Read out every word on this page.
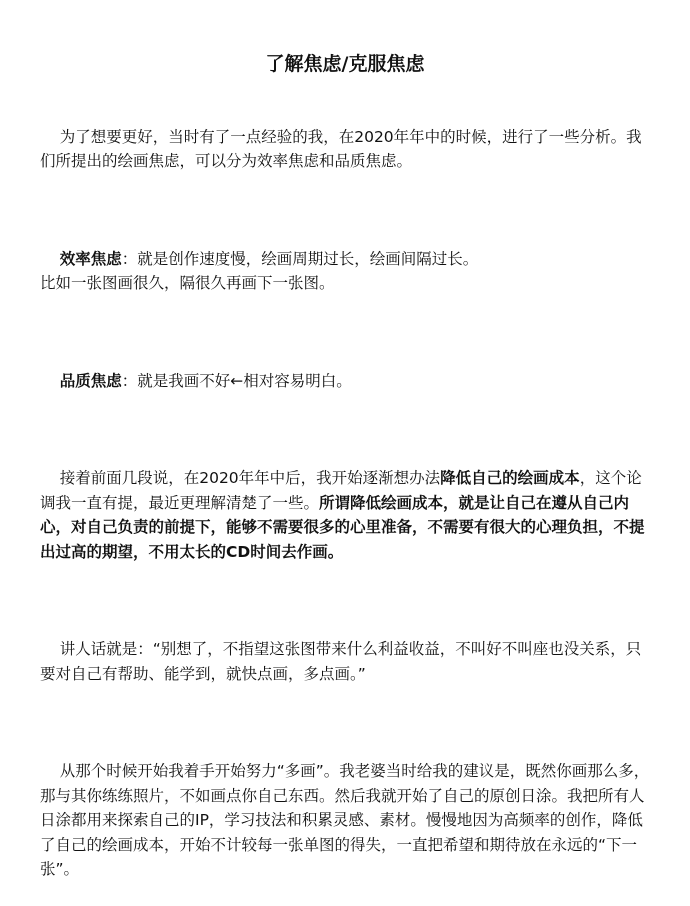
了解焦虑/克服焦虑

为了想要更好，当时有了一点经验的我，在2020年年中的时候，进行了一些分析。我们所提出的绘画焦虑，可以分为效率焦虑和品质焦虑。

效率焦虑：就是创作速度慢，绘画周期过长，绘画间隔过长。
比如一张图画很久，隔很久再画下一张图。

品质焦虑：就是我画不好←相对容易明白。

接着前面几段说，在2020年年中后，我开始逐渐想办法降低自己的绘画成本，这个论调我一直有提，最近更理解清楚了一些。所谓降低绘画成本，就是让自己在遵从自己内心，对自己负责的前提下，能够不需要很多的心里准备，不需要有很大的心理负担，不提出过高的期望，不用太长的CD时间去作画。

讲人话就是：“别想了，不指望这张图带来什么利益收益，不叫好不叫座也没关系，只要对自己有帮助、能学到，就快点画，多点画。”

从那个时候开始我着手开始努力“多画”。我老婆当时给我的建议是，既然你画那么多，那与其你练练照片，不如画点你自己东西。然后我就开始了自己的原创日涂。我把所有人日涂都用来探索自己的IP，学习技法和积累灵感、素材。慢慢地因为高频率的创作，降低了自己的绘画成本，开始不计较每一张单图的得失，一直把希望和期待放在永远的“下一张”。
